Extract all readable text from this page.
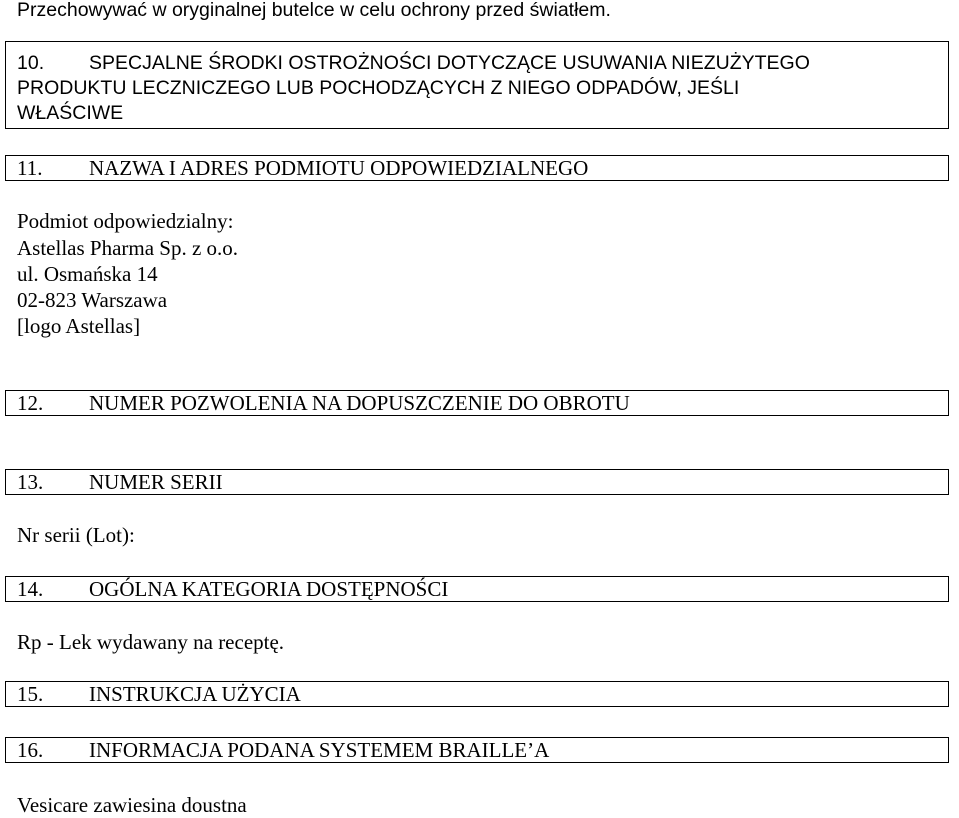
Przechowywać w oryginalnej butelce w celu ochrony przed światłem.
10. SPECJALNE ŚRODKI OSTROŻNOŚCI DOTYCZĄCE USUWANIA NIEZUŻYTEGO
PRODUKTU LECZNICZEGO LUB POCHODZĄCYCH Z NIEGO ODPADÓW, JEŚLI
WŁAŚCIWE
11. NAZWA I ADRES PODMIOTU ODPOWIEDZIALNEGO
Podmiot odpowiedzialny:
Astellas Pharma Sp. z o.o.
ul. Osmańska 14
02-823 Warszawa
[logo Astellas]
12. NUMER POZWOLENIA NA DOPUSZCZENIE DO OBROTU
13. NUMER SERII
Nr serii (Lot):
14. OGÓLNA KATEGORIA DOSTĘPNOŚCI
Rp - Lek wydawany na receptę.
15. INSTRUKCJA UŻYCIA
16. INFORMACJA PODANA SYSTEMEM BRAILLE’A
Vesicare zawiesina doustna
